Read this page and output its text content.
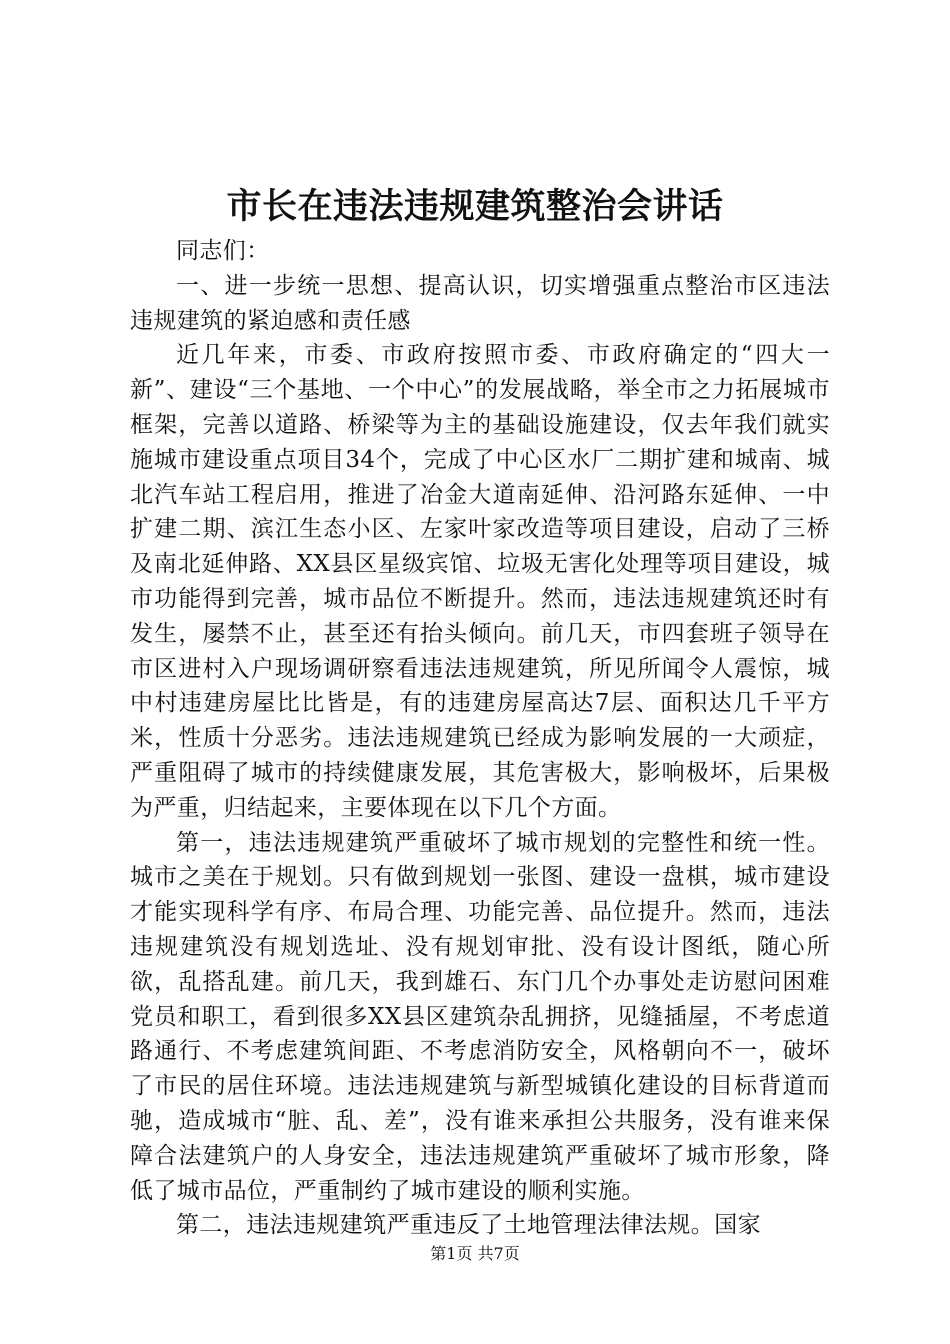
市长在违法违规建筑整治会讲话

同志们：

一、进一步统一思想、提高认识，切实增强重点整治市区违法违规建筑的紧迫感和责任感

近几年来，市委、市政府按照市委、市政府确定的“四大一新”、建设“三个基地、一个中心”的发展战略，举全市之力拓展城市框架，完善以道路、桥梁等为主的基础设施建设，仅去年我们就实施城市建设重点项目34个，完成了中心区水厂二期扩建和城南、城北汽车站工程启用，推进了冶金大道南延伸、沿河路东延伸、一中扩建二期、滨江生态小区、左家叶家改造等项目建设，启动了三桥及南北延伸路、XX县区星级宾馆、垃圾无害化处理等项目建设，城市功能得到完善，城市品位不断提升。然而，违法违规建筑还时有发生，屡禁不止，甚至还有抬头倾向。前几天，市四套班子领导在市区进村入户现场调研察看违法违规建筑，所见所闻令人震惊，城中村违建房屋比比皆是，有的违建房屋高达7层、面积达几千平方米，性质十分恶劣。违法违规建筑已经成为影响发展的一大顽症，严重阻碍了城市的持续健康发展，其危害极大，影响极坏，后果极为严重，归结起来，主要体现在以下几个方面。

第一，违法违规建筑严重破坏了城市规划的完整性和统一性。城市之美在于规划。只有做到规划一张图、建设一盘棋，城市建设才能实现科学有序、布局合理、功能完善、品位提升。然而，违法违规建筑没有规划选址、没有规划审批、没有设计图纸，随心所欲，乱搭乱建。前几天，我到雄石、东门几个办事处走访慰问困难党员和职工，看到很多XX县区建筑杂乱拥挤，见缝插屋，不考虑道路通行、不考虑建筑间距、不考虑消防安全，风格朝向不一，破坏了市民的居住环境。违法违规建筑与新型城镇化建设的目标背道而驰，造成城市“脏、乱、差”，没有谁来承担公共服务，没有谁来保障合法建筑户的人身安全，违法违规建筑严重破坏了城市形象，降低了城市品位，严重制约了城市建设的顺利实施。

第二，违法违规建筑严重违反了土地管理法律法规。国家

第1页 共7页
